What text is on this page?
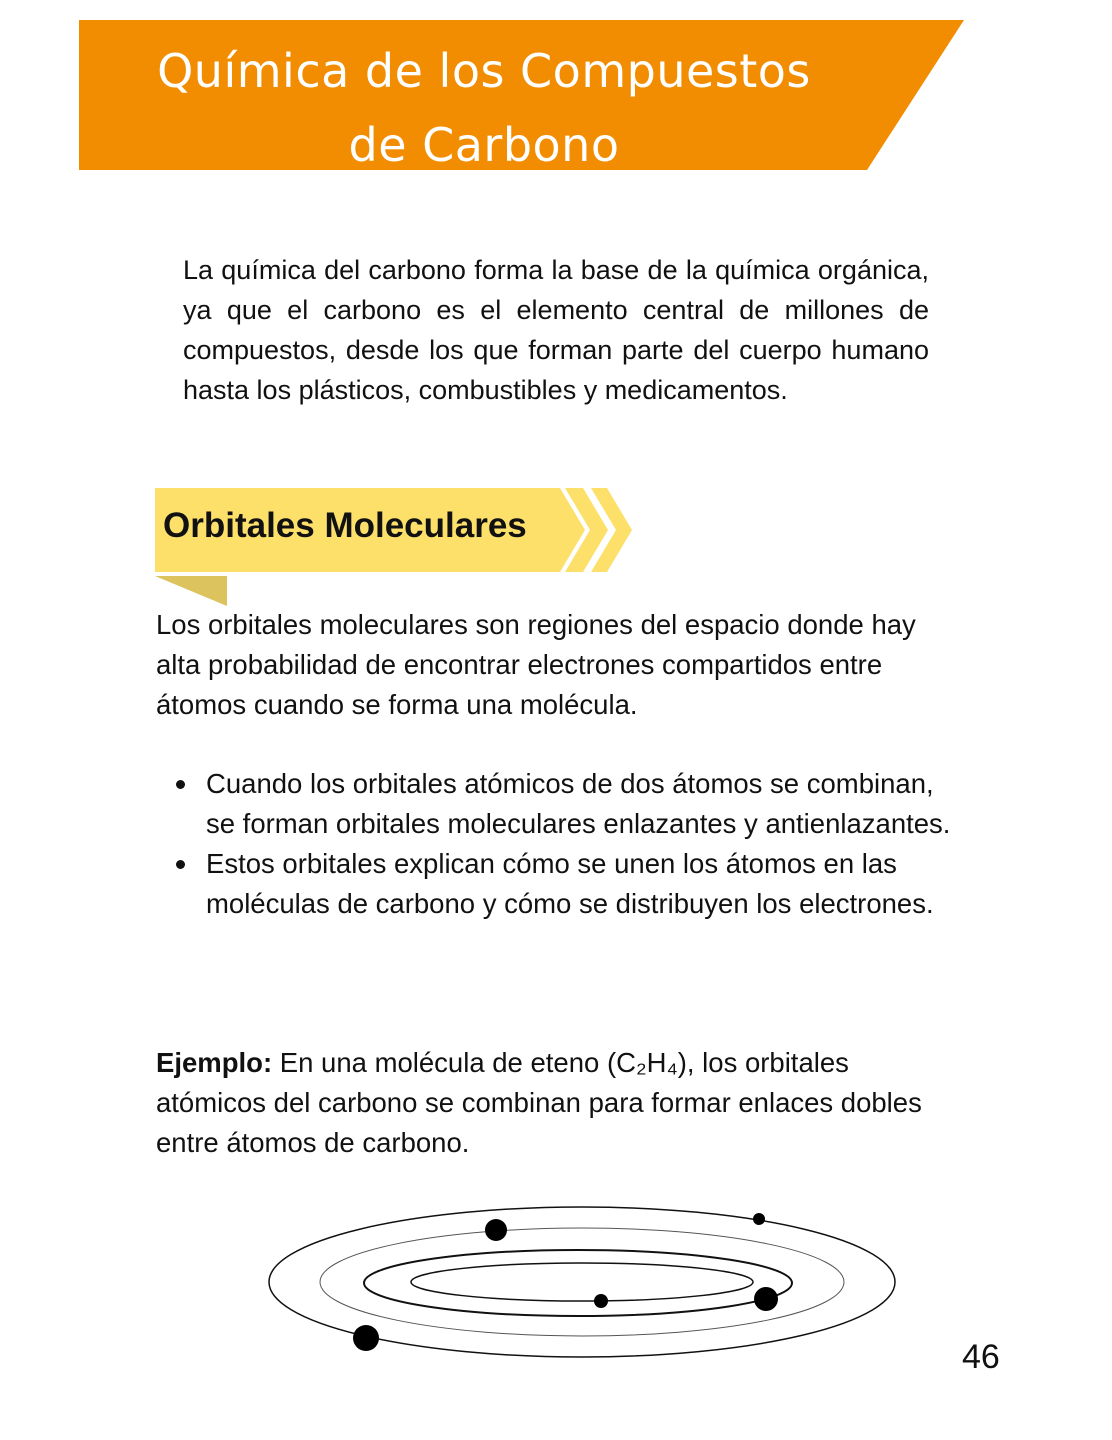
Química de los Compuestos
de Carbono
La química del carbono forma la base de la química orgánica, ya que el carbono es el elemento central de millones de compuestos, desde los que forman parte del cuerpo humano hasta los plásticos, combustibles y medicamentos.
Orbitales Moleculares
Los orbitales moleculares son regiones del espacio donde hay alta probabilidad de encontrar electrones compartidos entre átomos cuando se forma una molécula.
Cuando los orbitales atómicos de dos átomos se combinan, se forman orbitales moleculares enlazantes y antienlazantes.
Estos orbitales explican cómo se unen los átomos en las moléculas de carbono y cómo se distribuyen los electrones.
Ejemplo: En una molécula de eteno (C₂H₄), los orbitales atómicos del carbono se combinan para formar enlaces dobles entre átomos de carbono.
46
